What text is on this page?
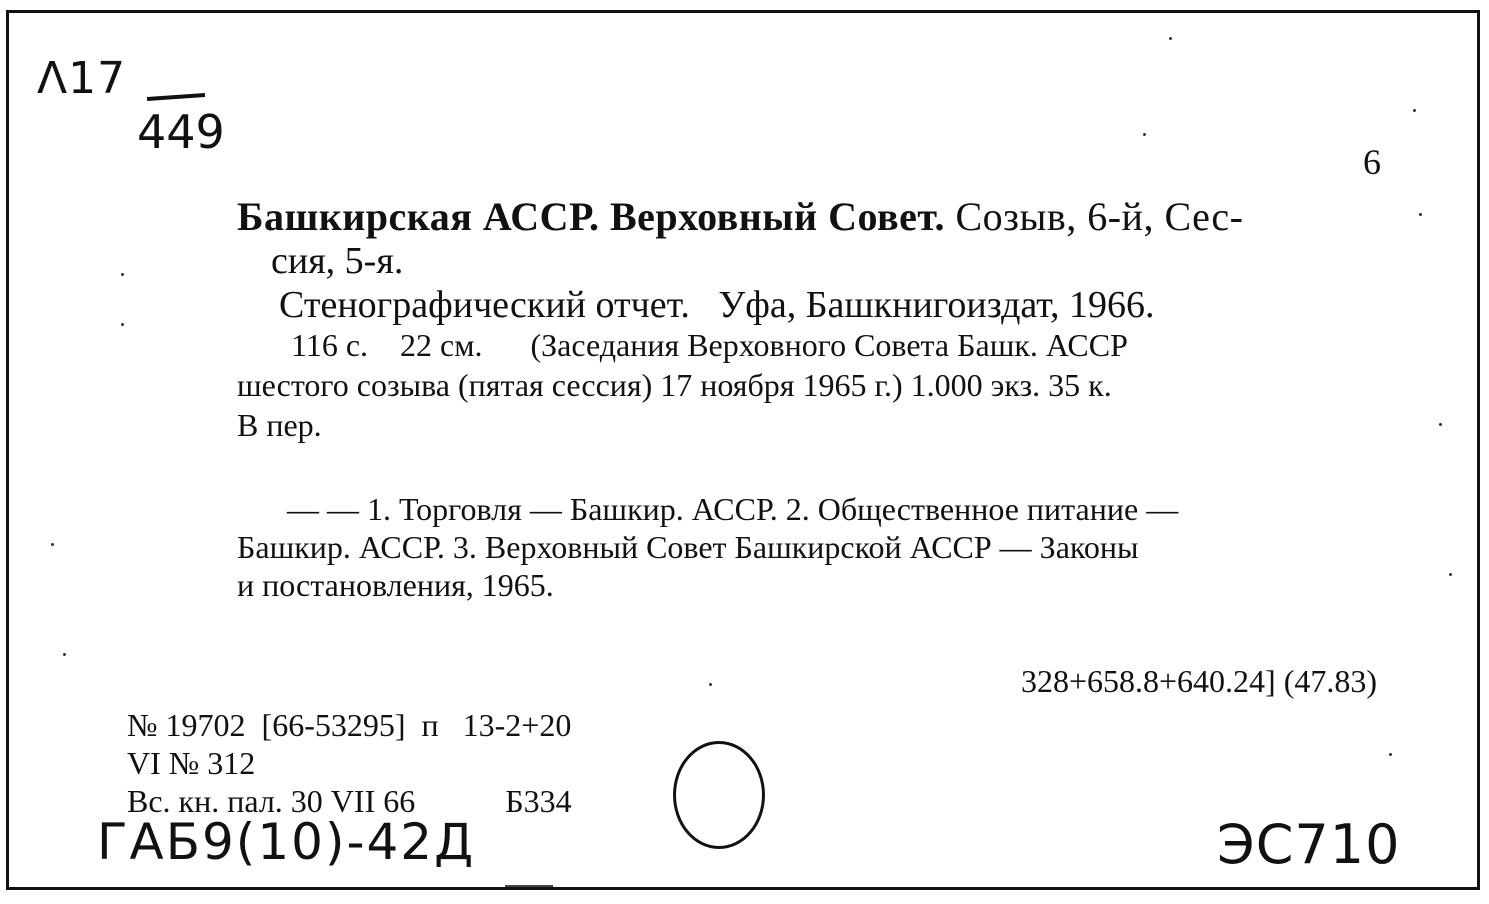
Λ17
449
6
Башкирская АССР. Верховный Совет. Созыв, 6-й, Сес-
сия, 5-я.
Стенографический отчет.   Уфа, Башкнигоиздат, 1966.
116 с.    22 см.      (Заседания Верховного Совета Башк. АССР
шестого созыва (пятая сессия) 17 ноября 1965 г.) 1.000 экз. 35 к.
В пер.
— — 1. Торговля — Башкир. АССР. 2. Общественное питание —
Башкир. АССР. 3. Верховный Совет Башкирской АССР — Законы
и постановления, 1965.
328+658.8+640.24] (47.83)
№ 19702  [66-53295]  п   13-2+20
VI № 312
Вс. кн. пал. 30 VII 66	Б334
ГАБ9(10)-42Д	ЭС710
